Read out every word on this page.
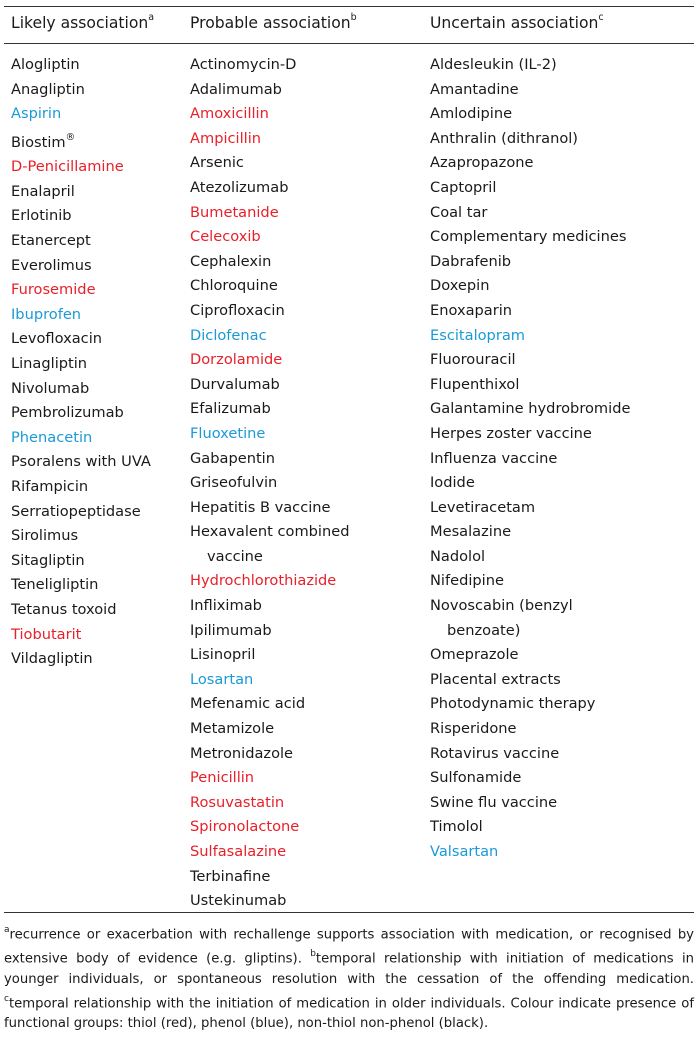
Likely association$^a$ Probable association$^b$	Uncertain association$^c$
Alogliptin
Anagliptin
Aspirin
Biostim®
D-Penicillamine
Enalapril
Erlotinib
Etanercept
Everolimus
Furosemide
Ibuprofen
Levofloxacin
Linagliptin
Nivolumab
Pembrolizumab
Phenacetin
Psoralens with UVA
Rifampicin
Serratiopeptidase
Sirolimus
Sitagliptin
Teneligliptin
Tetanus toxoid
Tiobutarit
Vildagliptin
Actinomycin-D
Adalimumab
Amoxicillin
Ampicillin
Arsenic
Atezolizumab
Bumetanide
Celecoxib
Cephalexin
Chloroquine
Ciprofloxacin
Diclofenac
Dorzolamide
Durvalumab
Efalizumab
Fluoxetine
Gabapentin
Griseofulvin
Hepatitis B vaccine
Hexavalent combined
vaccine
Hydrochlorothiazide
Infliximab
Ipilimumab
Lisinopril
Losartan
Mefenamic acid
Metamizole
Metronidazole
Penicillin
Rosuvastatin
Spironolactone
Sulfasalazine
Terbinafine
Ustekinumab
Aldesleukin (IL-2)
Amantadine
Amlodipine
Anthralin (dithranol)
Azapropazone
Captopril
Coal tar
Complementary medicines
Dabrafenib
Doxepin
Enoxaparin
Escitalopram
Fluorouracil
Flupenthixol
Galantamine hydrobromide
Herpes zoster vaccine
Influenza vaccine
Iodide
Levetiracetam
Mesalazine
Nadolol
Nifedipine
Novoscabin (benzyl
benzoate)
Omeprazole
Placental extracts
Photodynamic therapy
Risperidone
Rotavirus vaccine
Sulfonamide
Swine flu vaccine
Timolol
Valsartan
$^a$recurrence or exacerbation with rechallenge supports association with medication, or recognised by extensive body of evidence (e.g. gliptins). $^b$temporal relationship with initiation of medications in younger individuals, or spontaneous resolution with the cessation of the offending medication. $^c$temporal relationship with the initiation of medication in older individuals. Colour indicate presence of functional groups: thiol (red), phenol (blue), non-thiol non-phenol (black).
